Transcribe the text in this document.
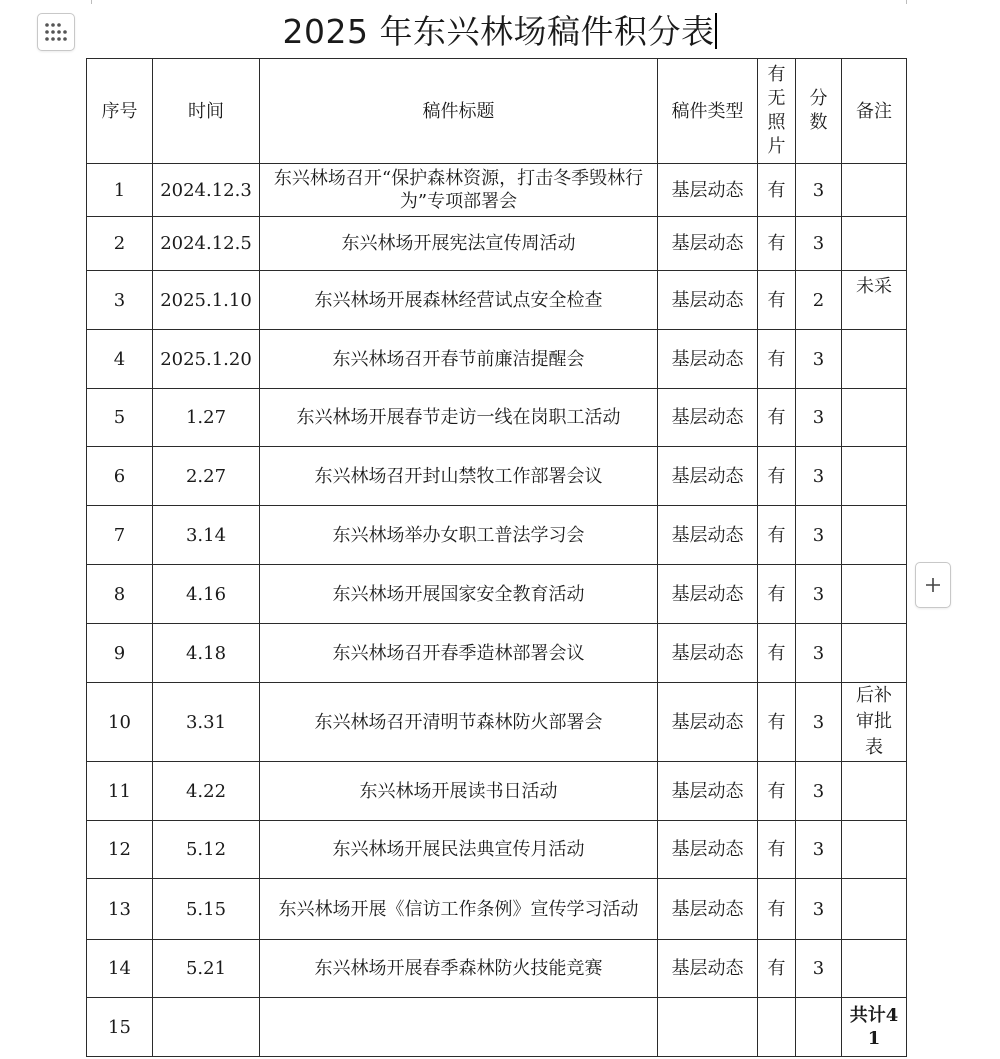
2025 年东兴林场稿件积分表
序号	时间	稿件标题	稿件类型	有无照片	分数	备注
1	2024.12.3	东兴林场召开“保护森林资源，打击冬季毁林行为”专项部署会	基层动态	有	3	
2	2024.12.5	东兴林场开展宪法宣传周活动	基层动态	有	3	
3	2025.1.10	东兴林场开展森林经营试点安全检查	基层动态	有	2	未采
4	2025.1.20	东兴林场召开春节前廉洁提醒会	基层动态	有	3	
5	1.27	东兴林场开展春节走访一线在岗职工活动	基层动态	有	3	
6	2.27	东兴林场召开封山禁牧工作部署会议	基层动态	有	3	
7	3.14	东兴林场举办女职工普法学习会	基层动态	有	3	
8	4.16	东兴林场开展国家安全教育活动	基层动态	有	3	
9	4.18	东兴林场召开春季造林部署会议	基层动态	有	3	
10	3.31	东兴林场召开清明节森林防火部署会	基层动态	有	3	后补审批表

11	4.22	东兴林场开展读书日活动	基层动态	有	3	
12	5.12	东兴林场开展民法典宣传月活动	基层动态	有	3	
13	5.15	东兴林场开展《信访工作条例》宣传学习活动	基层动态	有	3	
14	5.21	东兴林场开展春季森林防火技能竞赛	基层动态	有	3	
15						共计41
